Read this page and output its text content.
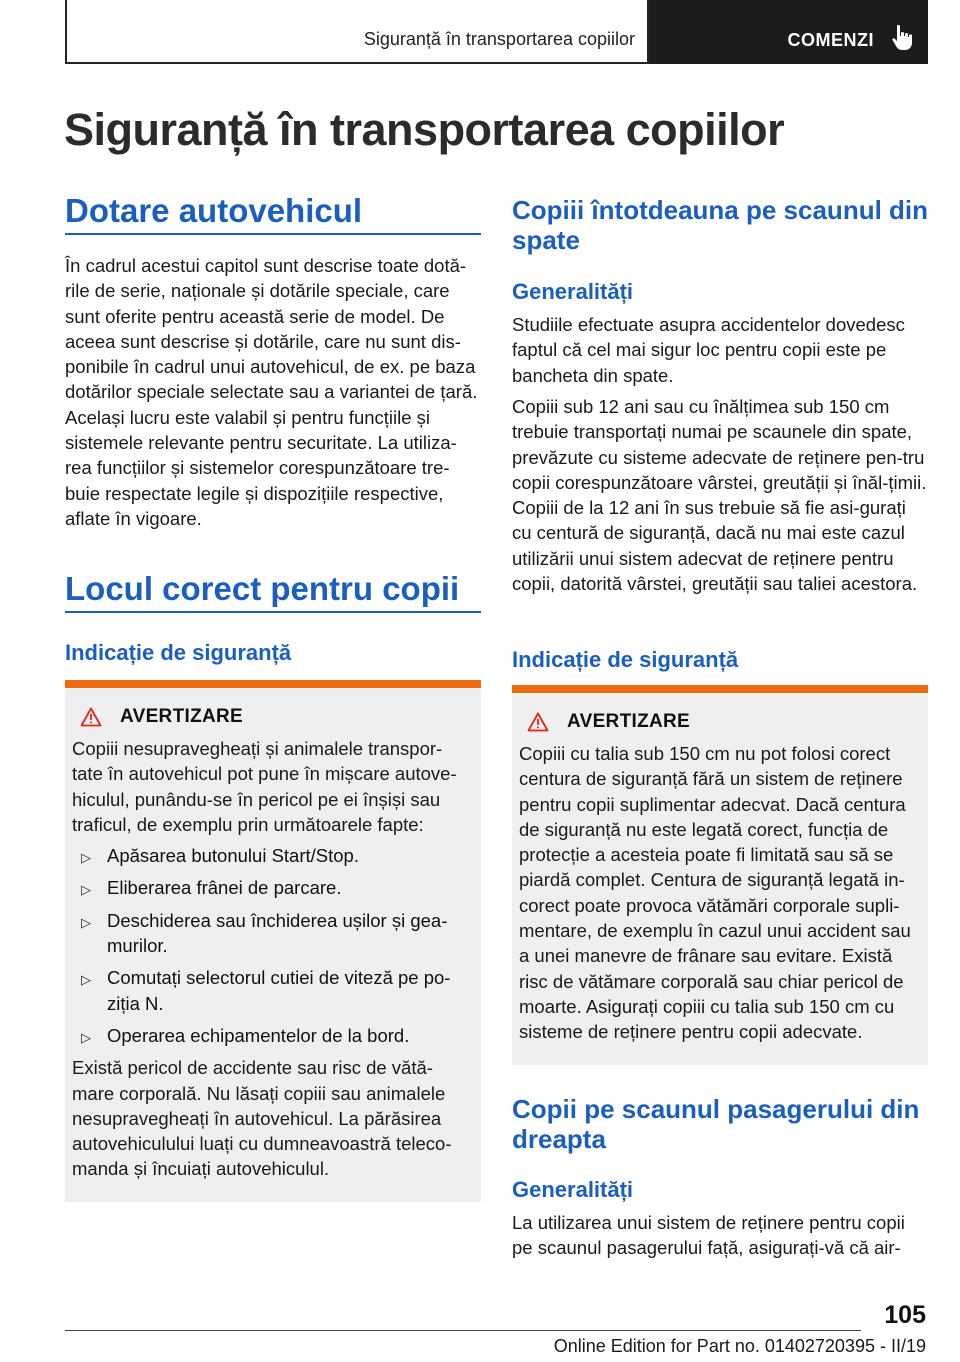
Siguranță în transportarea copiilor	COMENZI
Siguranță în transportarea copiilor
Dotare autovehicul

În cadrul acestui capitol sunt descrise toate dotă-rile de serie, naționale și dotările speciale, care sunt oferite pentru această serie de model. De aceea sunt descrise și dotările, care nu sunt dis-ponibile în cadrul unui autovehicul, de ex. pe baza dotărilor speciale selectate sau a variantei de țară. Același lucru este valabil și pentru funcțiile și sistemele relevante pentru securitate. La utiliza-rea funcțiilor și sistemelor corespunzătoare tre-buie respectate legile și dispozițiile respective, aflate în vigoare.

Locul corect pentru copii
Indicație de siguranță
AVERTIZARE

Copiii nesupravegheați și animalele transpor-tate în autovehicul pot pune în mișcare autove-hiculul, punându-se în pericol pe ei înșiși sau traficul, de exemplu prin următoarele fapte:

▷ Apăsarea butonului Start/Stop.
▷ Eliberarea frânei de parcare.
▷ Deschiderea sau închiderea ușilor și gea-murilor.
▷ Comutați selectorul cutiei de viteză pe po-ziția N.
▷ Operarea echipamentelor de la bord.

Există pericol de accidente sau risc de vătă-mare corporală. Nu lăsați copiii sau animalele nesupravegheați în autovehicul. La părăsirea autovehiculului luați cu dumneavoastră teleco-manda și încuiați autovehiculul.

Copiii întotdeauna pe scaunul din spate
Generalități

Studiile efectuate asupra accidentelor dovedesc faptul că cel mai sigur loc pentru copii este pe bancheta din spate.

Copiii sub 12 ani sau cu înălțimea sub 150 cm trebuie transportați numai pe scaunele din spate, prevăzute cu sisteme adecvate de reținere pen-tru copii corespunzătoare vârstei, greutății și înăl-țimii. Copiii de la 12 ani în sus trebuie să fie asi-gurați cu centură de siguranță, dacă nu mai este cazul utilizării unui sistem adecvat de reținere pentru copii, datorită vârstei, greutății sau taliei acestora.

Indicație de siguranță
AVERTIZARE

Copiii cu talia sub 150 cm nu pot folosi corect centura de siguranță fără un sistem de reținere pentru copii suplimentar adecvat. Dacă centura de siguranță nu este legată corect, funcția de protecție a acesteia poate fi limitată sau să se piardă complet. Centura de siguranță legată in-corect poate provoca vătămări corporale supli-mentare, de exemplu în cazul unui accident sau a unei manevre de frânare sau evitare. Există risc de vătămare corporală sau chiar pericol de moarte. Asigurați copiii cu talia sub 150 cm cu sisteme de reținere pentru copii adecvate.

Copii pe scaunul pasagerului din dreapta
Generalități

La utilizarea unui sistem de reținere pentru copii pe scaunul pasagerului față, asigurați-vă că air-

105
Online Edition for Part no. 01402720395 - II/19
